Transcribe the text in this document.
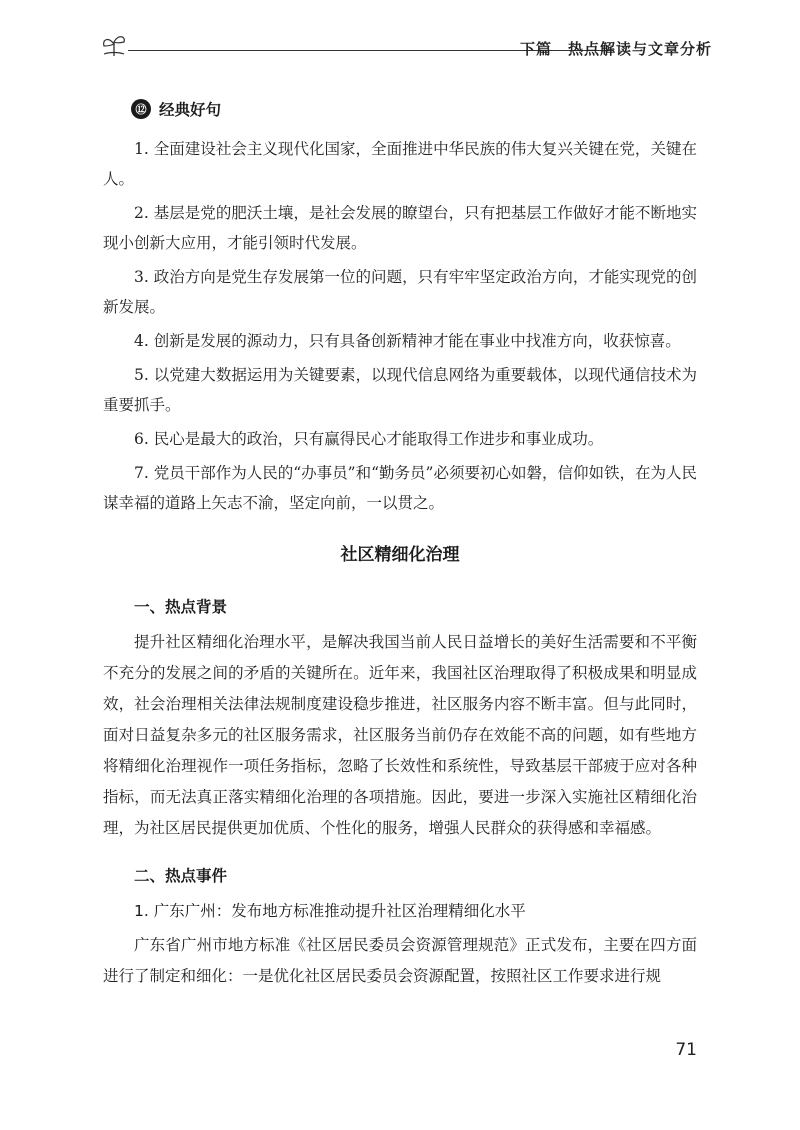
下篇　热点解读与文章分析
⑫ 经典好句
1. 全面建设社会主义现代化国家，全面推进中华民族的伟大复兴关键在党，关键在人。
2. 基层是党的肥沃土壤，是社会发展的瞭望台，只有把基层工作做好才能不断地实现小创新大应用，才能引领时代发展。
3. 政治方向是党生存发展第一位的问题，只有牢牢坚定政治方向，才能实现党的创新发展。
4. 创新是发展的源动力，只有具备创新精神才能在事业中找准方向，收获惊喜。
5. 以党建大数据运用为关键要素，以现代信息网络为重要载体，以现代通信技术为重要抓手。
6. 民心是最大的政治，只有赢得民心才能取得工作进步和事业成功。
7. 党员干部作为人民的“办事员”和“勤务员”必须要初心如磐，信仰如铁，在为人民谋幸福的道路上矢志不渝，坚定向前，一以贯之。
社区精细化治理
一、热点背景

提升社区精细化治理水平，是解决我国当前人民日益增长的美好生活需要和不平衡不充分的发展之间的矛盾的关键所在。近年来，我国社区治理取得了积极成果和明显成效，社会治理相关法律法规制度建设稳步推进，社区服务内容不断丰富。但与此同时，面对日益复杂多元的社区服务需求，社区服务当前仍存在效能不高的问题，如有些地方将精细化治理视作一项任务指标，忽略了长效性和系统性，导致基层干部疲于应对各种指标，而无法真正落实精细化治理的各项措施。因此，要进一步深入实施社区精细化治理，为社区居民提供更加优质、个性化的服务，增强人民群众的获得感和幸福感。

二、热点事件
1. 广东广州：发布地方标准推动提升社区治理精细化水平

广东省广州市地方标准《社区居民委员会资源管理规范》正式发布，主要在四方面进行了制定和细化：一是优化社区居民委员会资源配置，按照社区工作要求进行规

71
